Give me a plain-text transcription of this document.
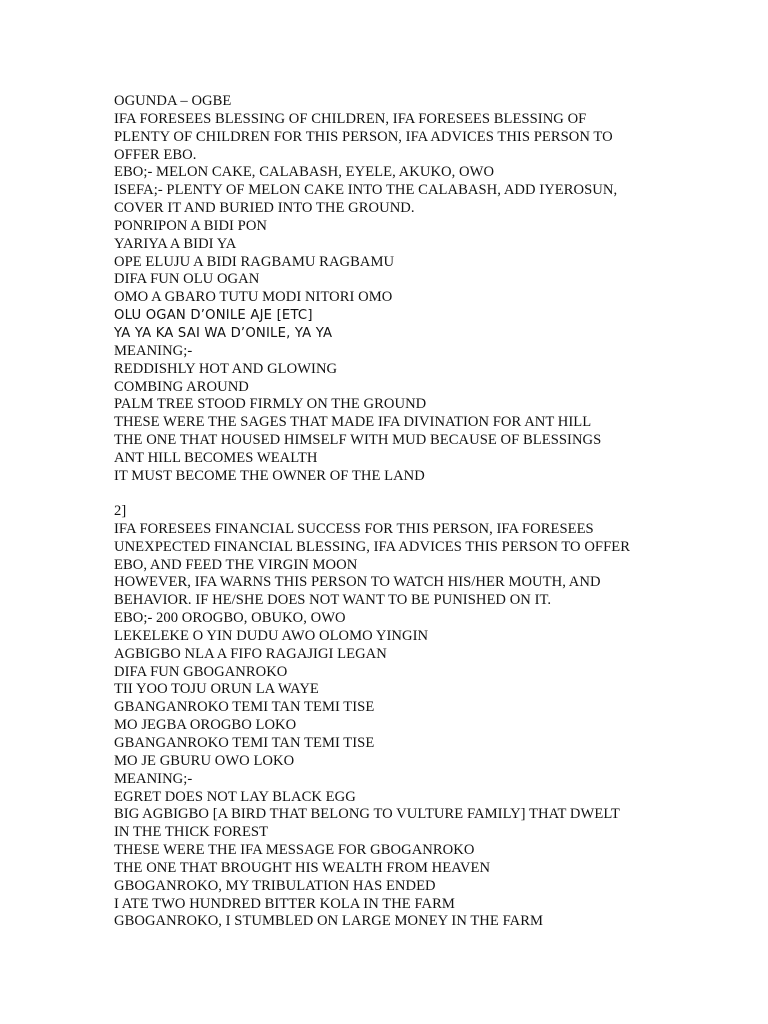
OGUNDA – OGBE
IFA FORESEES BLESSING OF CHILDREN, IFA FORESEES BLESSING OF
PLENTY OF CHILDREN FOR THIS PERSON, IFA ADVICES THIS PERSON TO
OFFER EBO.
EBO;- MELON CAKE, CALABASH, EYELE, AKUKO, OWO
ISEFA;- PLENTY OF MELON CAKE INTO THE CALABASH, ADD IYEROSUN,
COVER IT AND BURIED INTO THE GROUND.
PONRIPON A BIDI PON
YARIYA A BIDI YA
OPE ELUJU A BIDI RAGBAMU RAGBAMU
DIFA FUN OLU OGAN
OMO A GBARO TUTU MODI NITORI OMO
OLU OGAN D’ONILE AJE [ETC]
YA YA KA SAI WA D’ONILE, YA YA
MEANING;-
REDDISHLY HOT AND GLOWING
COMBING AROUND
PALM TREE STOOD FIRMLY ON THE GROUND
THESE WERE THE SAGES THAT MADE IFA DIVINATION FOR ANT HILL
THE ONE THAT HOUSED HIMSELF WITH MUD BECAUSE OF BLESSINGS
ANT HILL BECOMES WEALTH
IT MUST BECOME THE OWNER OF THE LAND
2]
IFA FORESEES FINANCIAL SUCCESS FOR THIS PERSON, IFA FORESEES
UNEXPECTED FINANCIAL BLESSING, IFA ADVICES THIS PERSON TO OFFER
EBO, AND FEED THE VIRGIN MOON
HOWEVER, IFA WARNS THIS PERSON TO WATCH HIS/HER MOUTH, AND
BEHAVIOR. IF HE/SHE DOES NOT WANT TO BE PUNISHED ON IT.
EBO;- 200 OROGBO, OBUKO, OWO
LEKELEKE O YIN DUDU AWO OLOMO YINGIN
AGBIGBO NLA A FIFO RAGAJIGI LEGAN
DIFA FUN GBOGANROKO
TII YOO TOJU ORUN LA WAYE
GBANGANROKO TEMI TAN TEMI TISE
MO JEGBA OROGBO LOKO
GBANGANROKO TEMI TAN TEMI TISE
MO JE GBURU OWO LOKO
MEANING;-
EGRET DOES NOT LAY BLACK EGG
BIG AGBIGBO [A BIRD THAT BELONG TO VULTURE FAMILY] THAT DWELT
IN THE THICK FOREST
THESE WERE THE IFA MESSAGE FOR GBOGANROKO
THE ONE THAT BROUGHT HIS WEALTH FROM HEAVEN
GBOGANROKO, MY TRIBULATION HAS ENDED
I ATE TWO HUNDRED BITTER KOLA IN THE FARM
GBOGANROKO, I STUMBLED ON LARGE MONEY IN THE FARM
